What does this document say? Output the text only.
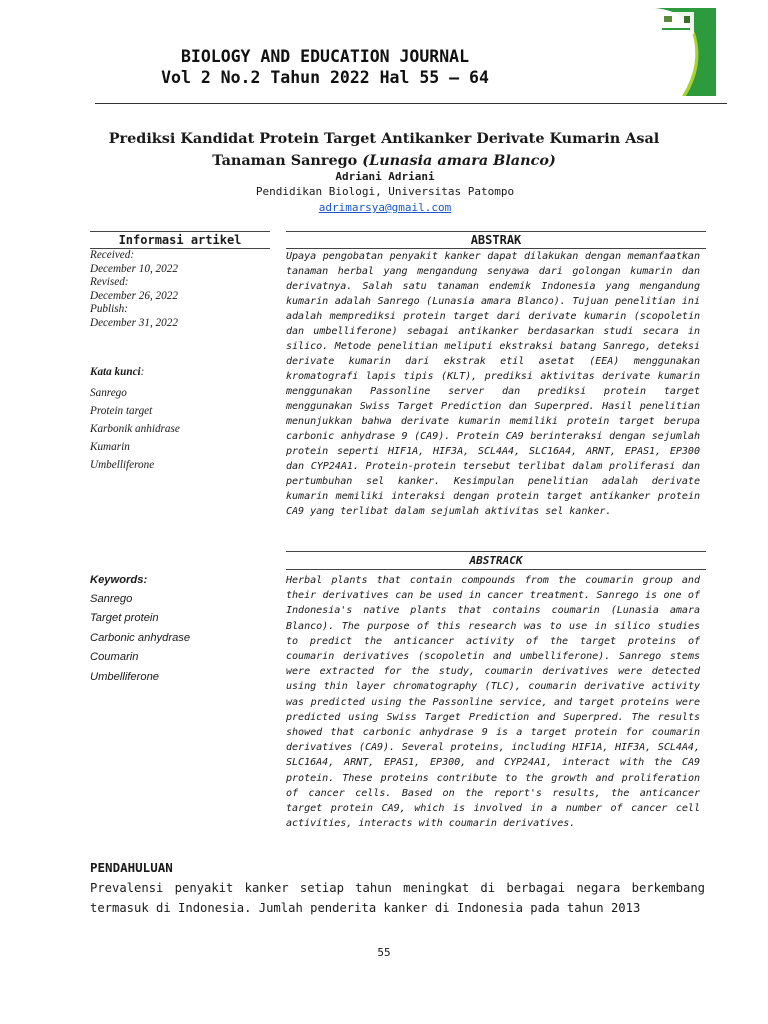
BIOLOGY AND EDUCATION JOURNAL
Vol 2 No.2 Tahun 2022 Hal 55 – 64
Prediksi Kandidat Protein Target Antikanker Derivate Kumarin Asal
Tanaman Sanrego (Lunasia amara Blanco)
Adriani Adriani
Pendidikan Biologi, Universitas Patompo
adrimarsya@gmail.com
Informasi artikel	ABSTRAK
Received:
December 10, 2022
Revised:
December 26, 2022
Publish:
December 31, 2022
Kata kunci:
Sanrego
Protein target
Karbonik anhidrase
Kumarin
Umbelliferone
Upaya pengobatan penyakit kanker dapat dilakukan dengan memanfaatkan tanaman herbal yang mengandung senyawa dari golongan kumarin dan derivatnya. Salah satu tanaman endemik Indonesia yang mengandung kumarin adalah Sanrego (Lunasia amara Blanco). Tujuan penelitian ini adalah memprediksi protein target dari derivate kumarin (scopoletin dan umbelliferone) sebagai antikanker berdasarkan studi secara in silico. Metode penelitian meliputi ekstraksi batang Sanrego, deteksi derivate kumarin dari ekstrak etil asetat (EEA) menggunakan kromatografi lapis tipis (KLT), prediksi aktivitas derivate kumarin menggunakan Passonline server dan prediksi protein target menggunakan Swiss Target Prediction dan Superpred. Hasil penelitian menunjukkan bahwa derivate kumarin memiliki protein target berupa carbonic anhydrase 9 (CA9). Protein CA9 berinteraksi dengan sejumlah protein seperti HIF1A, HIF3A, SCL4A4, SLC16A4, ARNT, EPAS1, EP300 dan CYP24A1. Protein-protein tersebut terlibat dalam proliferasi dan pertumbuhan sel kanker. Kesimpulan penelitian adalah derivate kumarin memiliki interaksi dengan protein target antikanker protein CA9 yang terlibat dalam sejumlah aktivitas sel kanker.
ABSTRACK
Keywords:
Sanrego
Target protein
Carbonic anhydrase
Coumarin
Umbelliferone
Herbal plants that contain compounds from the coumarin group and their derivatives can be used in cancer treatment. Sanrego is one of Indonesia's native plants that contains coumarin (Lunasia amara Blanco). The purpose of this research was to use in silico studies to predict the anticancer activity of the target proteins of coumarin derivatives (scopoletin and umbelliferone). Sanrego stems were extracted for the study, coumarin derivatives were detected using thin layer chromatography (TLC), coumarin derivative activity was predicted using the Passonline service, and target proteins were predicted using Swiss Target Prediction and Superpred. The results showed that carbonic anhydrase 9 is a target protein for coumarin derivatives (CA9). Several proteins, including HIF1A, HIF3A, SCL4A4, SLC16A4, ARNT, EPAS1, EP300, and CYP24A1, interact with the CA9 protein. These proteins contribute to the growth and proliferation of cancer cells. Based on the report's results, the anticancer target protein CA9, which is involved in a number of cancer cell activities, interacts with coumarin derivatives.
PENDAHULUAN
Prevalensi penyakit kanker setiap tahun meningkat di berbagai negara berkembang termasuk di Indonesia. Jumlah penderita kanker di Indonesia pada tahun 2013
55
